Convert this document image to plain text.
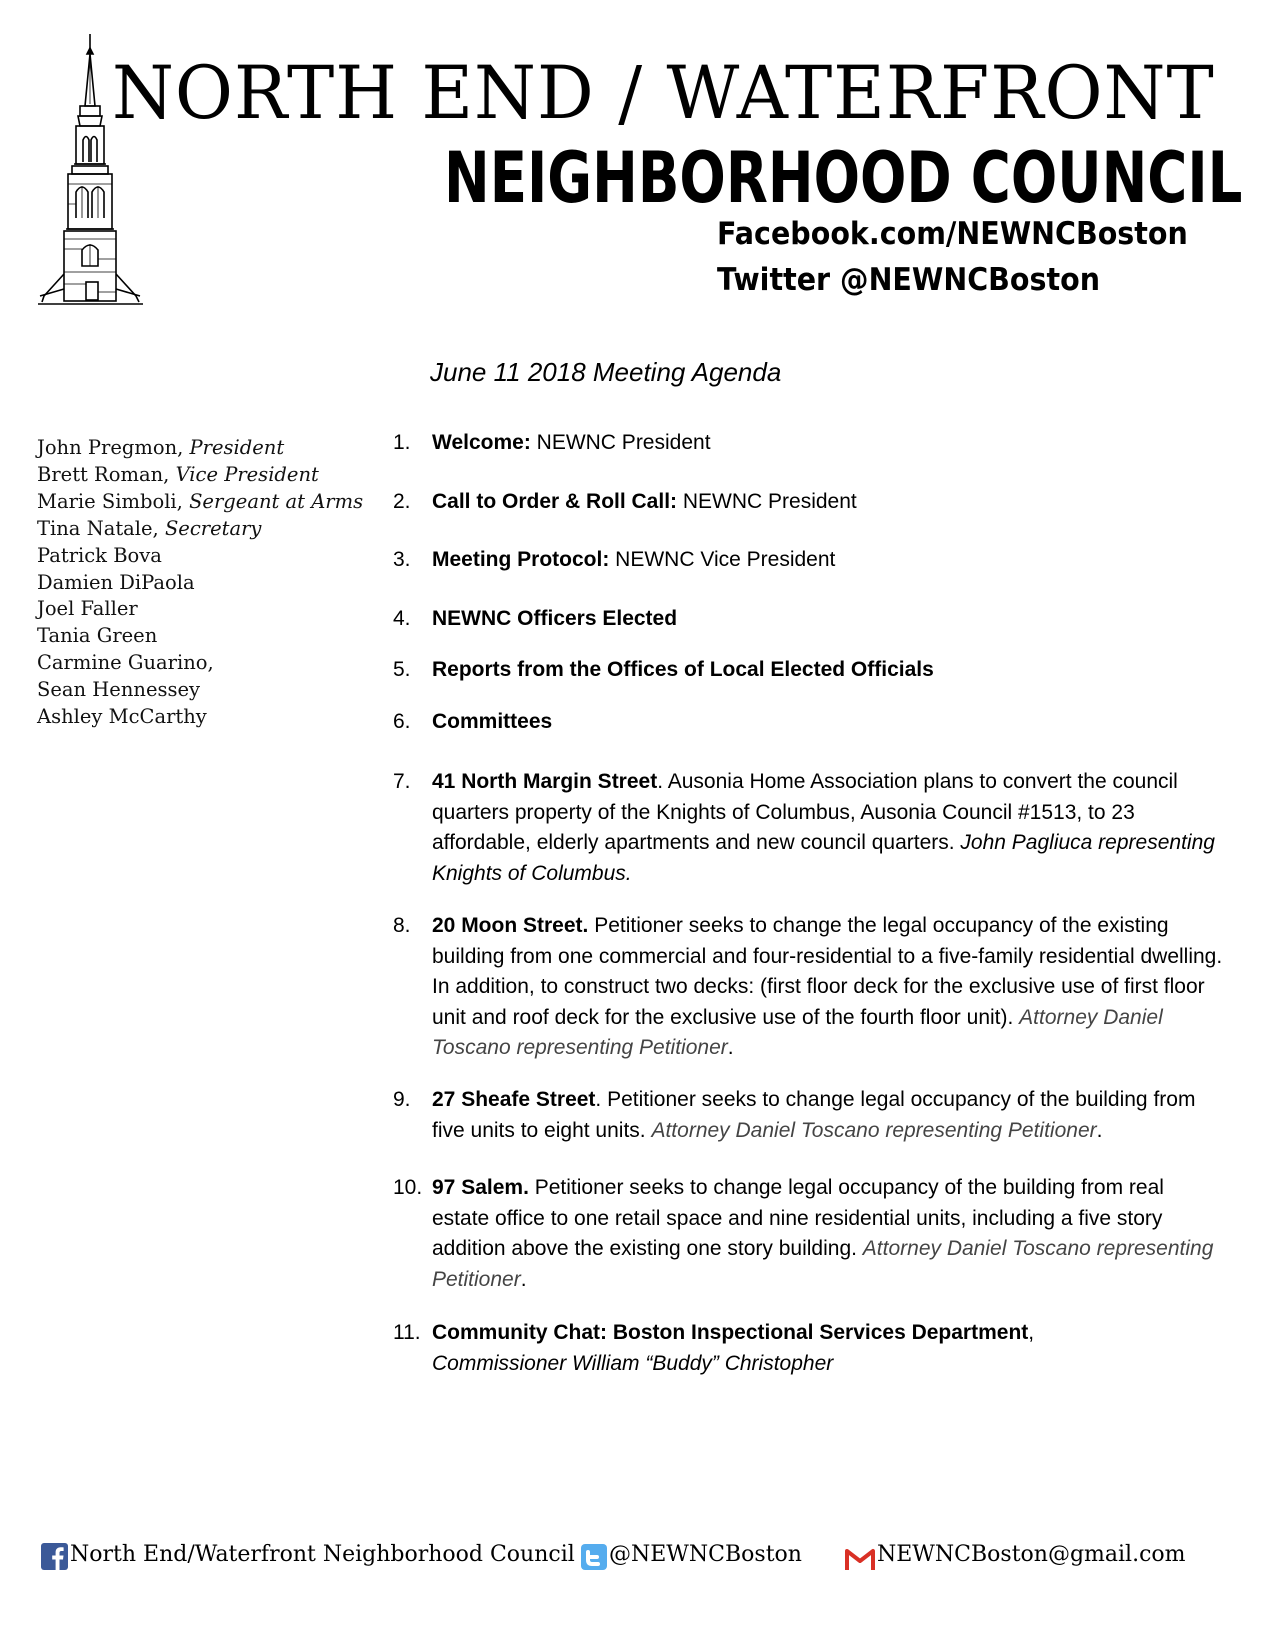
NORTH END / WATERFRONT
NEIGHBORHOOD COUNCIL
Facebook.com/NEWNCBoston
Twitter @NEWNCBoston
June 11 2018 Meeting Agenda
John Pregmon, President
Brett Roman, Vice President
Marie Simboli, Sergeant at Arms
Tina Natale, Secretary
Patrick Bova
Damien DiPaola
Joel Faller
Tania Green
Carmine Guarino,
Sean Hennessey
Ashley McCarthy
1.	Welcome: NEWNC President
2.	Call to Order & Roll Call: NEWNC President
3.	Meeting Protocol: NEWNC Vice President
4.	NEWNC Officers Elected
5.	Reports from the Offices of Local Elected Officials
6.	Committees
7.	41 North Margin Street. Ausonia Home Association plans to convert the council quarters property of the Knights of Columbus, Ausonia Council #1513, to 23 affordable, elderly apartments and new council quarters. John Pagliuca representing Knights of Columbus.
8.	20 Moon Street. Petitioner seeks to change the legal occupancy of the existing building from one commercial and four-residential to a five-family residential dwelling. In addition, to construct two decks: (first floor deck for the exclusive use of first floor unit and roof deck for the exclusive use of the fourth floor unit). Attorney Daniel Toscano representing Petitioner.
9.	27 Sheafe Street. Petitioner seeks to change legal occupancy of the building from five units to eight units. Attorney Daniel Toscano representing Petitioner.
10. 97 Salem. Petitioner seeks to change legal occupancy of the building from real estate office to one retail space and nine residential units, including a five story addition above the existing one story building. Attorney Daniel Toscano representing Petitioner.
11. Community Chat: Boston Inspectional Services Department,
Commissioner William “Buddy” Christopher
North End/Waterfront Neighborhood Council @NEWNCBoston	NEWNCBoston@gmail.com
